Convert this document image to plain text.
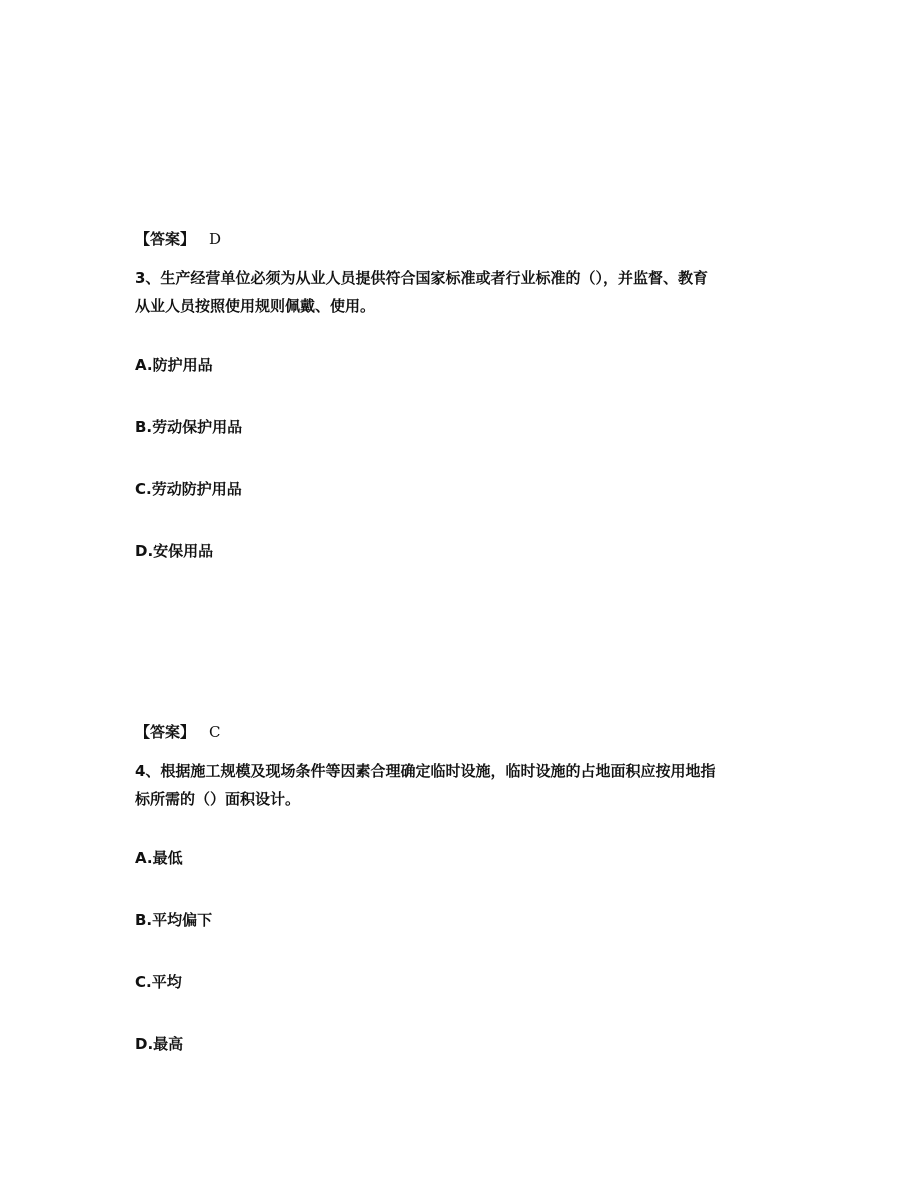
【答案】 D
3、生产经营单位必须为从业人员提供符合国家标准或者行业标准的（），并监督、教育
从业人员按照使用规则佩戴、使用。
A.防护用品
B.劳动保护用品
C.劳动防护用品
D.安保用品
【答案】 C
4、根据施工规模及现场条件等因素合理确定临时设施，临时设施的占地面积应按用地指
标所需的（）面积设计。
A.最低
B.平均偏下
C.平均
D.最高
